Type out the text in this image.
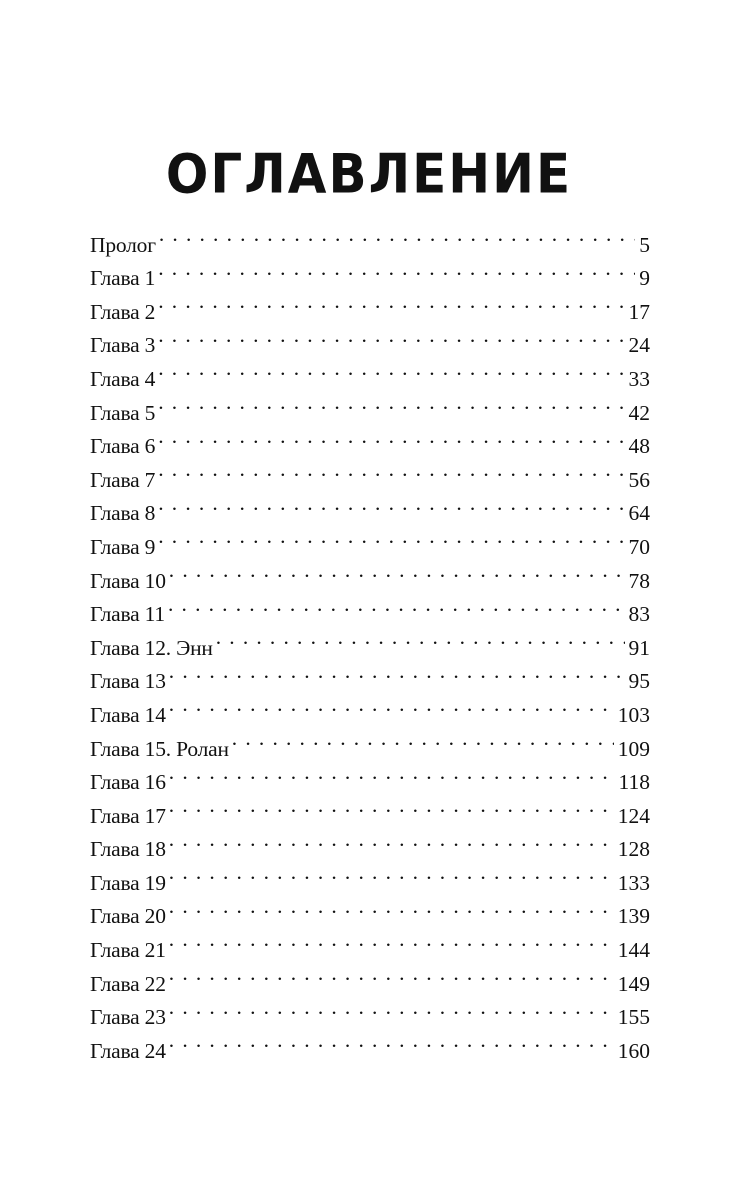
ОГЛАВЛЕНИЕ
Пролог . . .	5
Глава 1 . . .	9
Глава 2 . . .	17
Глава 3 . . .	24
Глава 4 . . .	33
Глава 5 . . .	42
Глава 6 . . .	48
Глава 7 . . .	56
Глава 8 . . .	64
Глава 9 . . .	70
Глава 10 . . .	78
Глава 11 . . .	83
Глава 12. Энн . . .	91
Глава 13 . . .	95
Глава 14 . . .	103
Глава 15. Ролан . . .	109
Глава 16 . . .	118
Глава 17 . . .	124
Глава 18 . . .	128
Глава 19 . . .	133
Глава 20 . . .	139
Глава 21 . . .	144
Глава 22 . . .	149
Глава 23 . . .	155
Глава 24 . . .	160
